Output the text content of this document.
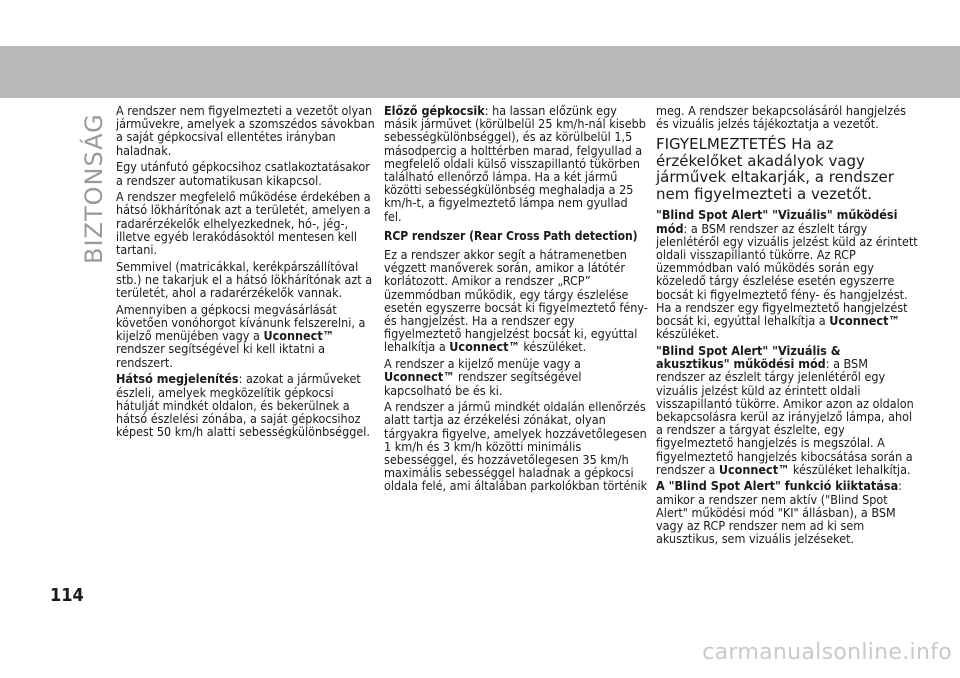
BIZTONSÁG

A rendszer nem figyelmezteti a vezetőt olyan járművekre, amelyek a szomszédos sávokban a saját gépkocsival ellentétes irányban haladnak.

Egy utánfutó gépkocsihoz csatlakoztatásakor a rendszer automatikusan kikapcsol.

A rendszer megfelelő működése érdekében a hátsó lökhárítónak azt a területét, amelyen a radarérzékelők elhelyezkednek, hó-, jég-, illetve egyéb lerakódásoktól mentesen kell tartani.

Semmivel (matricákkal, kerékpárszállítóval stb.) ne takarjuk el a hátsó lökhárítónak azt a területét, ahol a radarérzékelők vannak.

Amennyiben a gépkocsi megvásárlását követően vonóhorgot kívánunk felszerelni, a kijelző menüjében vagy a Uconnect™ rendszer segítségével ki kell iktatni a rendszert.

Hátsó megjelenítés: azokat a járműveket észleli, amelyek megközelítik gépkocsi hátulját mindkét oldalon, és bekerülnek a hátsó észlelési zónába, a saját gépkocsihoz képest 50 km/h alatti sebességkülönbséggel.

Előző gépkocsik: ha lassan előzünk egy másik járművet (körülbelül 25 km/h-nál kisebb sebességkülönbséggel), és az körülbelül 1,5 másodpercig a holttérben marad, felgyullad a megfelelő oldali külső visszapillantó tükörben található ellenőrző lámpa. Ha a két jármű közötti sebességkülönbség meghaladja a 25 km/h-t, a figyelmeztető lámpa nem gyullad fel.

RCP rendszer (Rear Cross Path detection)

Ez a rendszer akkor segít a hátramenetben végzett manőverek során, amikor a látótér korlátozott. Amikor a rendszer „RCP” üzemmódban működik, egy tárgy észlelése esetén egyszerre bocsát ki figyelmeztető fény- és hangjelzést. Ha a rendszer egy figyelmeztető hangjelzést bocsát ki, egyúttal lehalkítja a Uconnect™ készüléket.

A rendszer a kijelző menüje vagy a Uconnect™ rendszer segítségével kapcsolható be és ki.

A rendszer a jármű mindkét oldalán ellenőrzés alatt tartja az érzékelési zónákat, olyan tárgyakra figyelve, amelyek hozzávetőlegesen 1 km/h és 3 km/h közötti minimális sebességgel, és hozzávetőlegesen 35 km/h maximális sebességgel haladnak a gépkocsi oldala felé, ami általában parkolókban történik

meg. A rendszer bekapcsolásáról hangjelzés és vizuális jelzés tájékoztatja a vezetőt.

FIGYELMEZTETÉS Ha az érzékelőket akadályok vagy járművek eltakarják, a rendszer nem figyelmezteti a vezetőt.

"Blind Spot Alert" "Vizuális" működési mód: a BSM rendszer az észlelt tárgy jelenlétéről egy vizuális jelzést küld az érintett oldali visszapillantó tükörre. Az RCP üzemmódban való működés során egy közeledő tárgy észlelése esetén egyszerre bocsát ki figyelmeztető fény- és hangjelzést. Ha a rendszer egy figyelmeztető hangjelzést bocsát ki, egyúttal lehalkítja a Uconnect™ készüléket.

"Blind Spot Alert" "Vizuális & akusztikus" működési mód: a BSM rendszer az észlelt tárgy jelenlétéről egy vizuális jelzést küld az érintett oldali visszapillantó tükörre. Amikor azon az oldalon bekapcsolásra kerül az irányjelző lámpa, ahol a rendszer a tárgyat észlelte, egy figyelmeztető hangjelzés is megszólal. A figyelmeztető hangjelzés kibocsátása során a rendszer a Uconnect™ készüléket lehalkítja.

A "Blind Spot Alert" funkció kiiktatása: amikor a rendszer nem aktív ("Blind Spot Alert" működési mód "KI" állásban), a BSM vagy az RCP rendszer nem ad ki sem akusztikus, sem vizuális jelzéseket.

114
carmanualsonline.info
